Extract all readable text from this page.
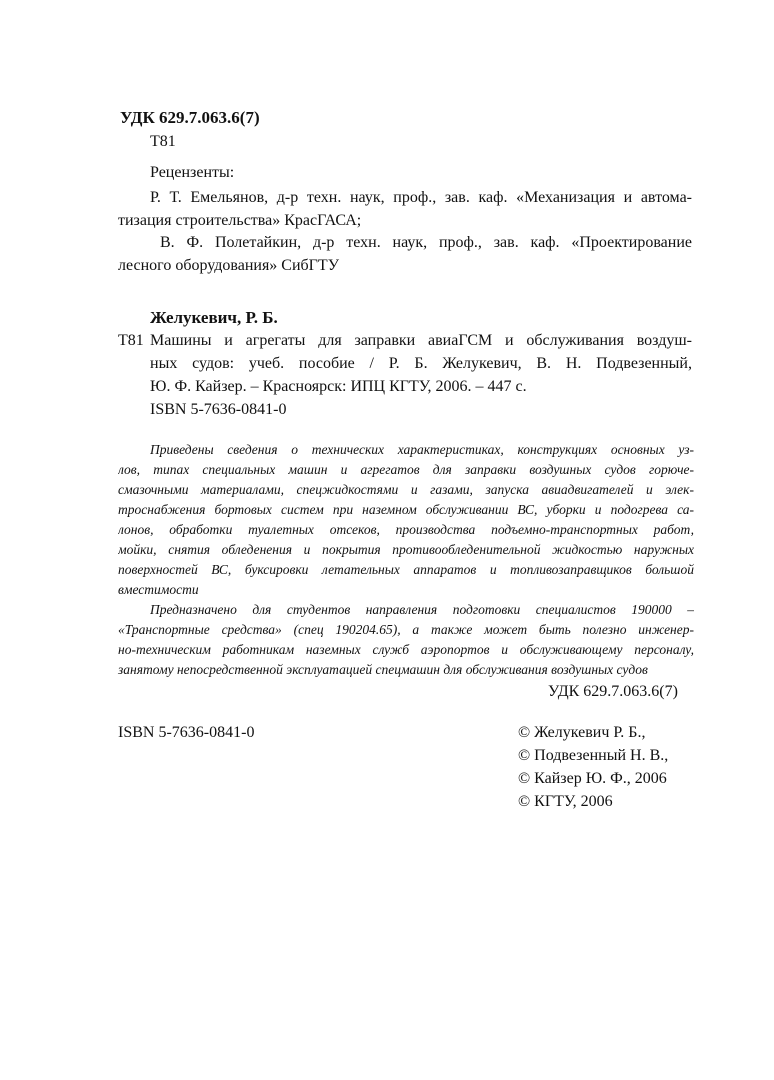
УДК 629.7.063.6(7)
Т81
Рецензенты:
Р. Т. Емельянов, д-р техн. наук, проф., зав. каф. «Механизация и автома-
тизация строительства» КрасГАСА;
В. Ф. Полетайкин, д-р техн. наук, проф., зав. каф. «Проектирование
лесного оборудования» СибГТУ
Желукевич, Р. Б.
Т81 Машины и агрегаты для заправки авиаГСМ и обслуживания воздуш-
ных судов: учеб. пособие / Р. Б. Желукевич, В. Н. Подвезенный,
Ю. Ф. Кайзер. – Красноярск: ИПЦ КГТУ, 2006. – 447 с.
ISBN 5-7636-0841-0
Приведены сведения о технических характеристиках, конструкциях основных уз-
лов, типах специальных машин и агрегатов для заправки воздушных судов горюче-
смазочными материалами, спецжидкостями и газами, запуска авиадвигателей и элек-
троснабжения бортовых систем при наземном обслуживании ВС, уборки и подогрева са-
лонов, обработки туалетных отсеков, производства подъемно-транспортных работ,
мойки, снятия обледенения и покрытия противообледенительной жидкостью наружных
поверхностей ВС, буксировки летательных аппаратов и топливозаправщиков большой
вместимости
Предназначено для студентов направления подготовки специалистов 190000 –
«Транспортные средства» (спец 190204.65), а также может быть полезно инженер-
но-техническим работникам наземных служб аэропортов и обслуживающему персоналу,
занятому непосредственной эксплуатацией спецмашин для обслуживания воздушных судов
УДК 629.7.063.6(7)
ISBN 5-7636-0841-0	© Желукевич Р. Б.,
© Подвезенный Н. В.,
© Кайзер Ю. Ф., 2006
© КГТУ, 2006
